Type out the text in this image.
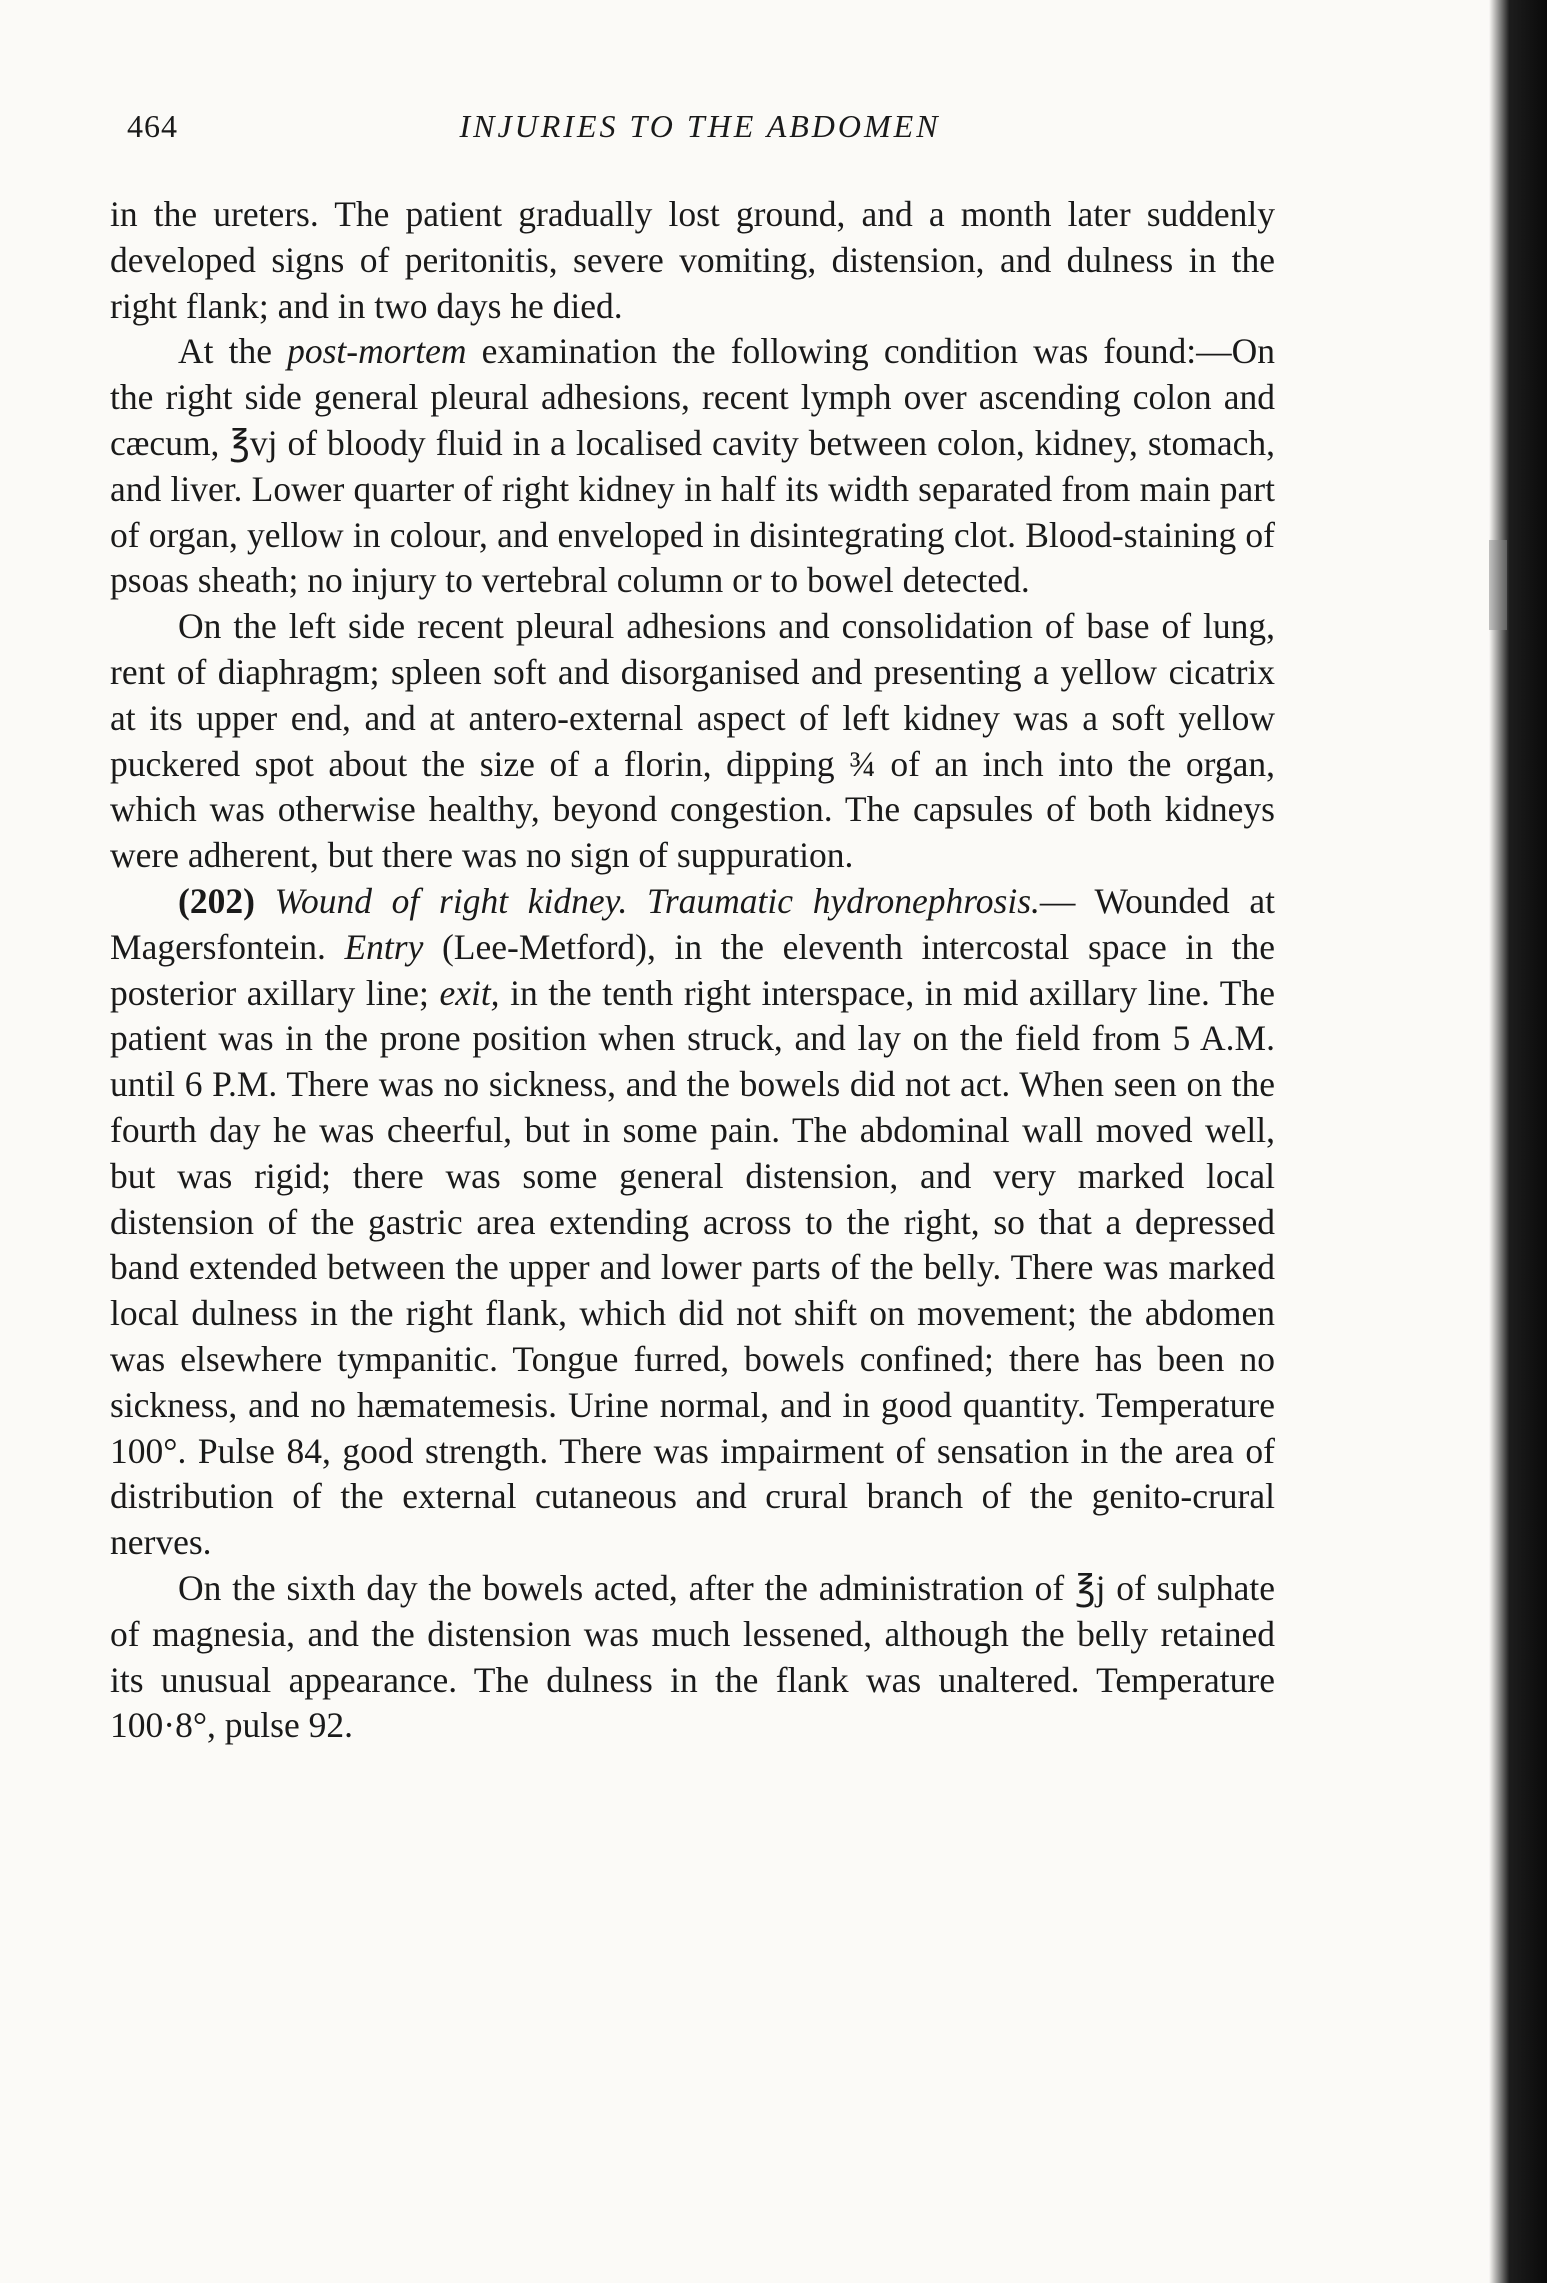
464	INJURIES TO THE ABDOMEN

in the ureters. The patient gradually lost ground, and a month later suddenly developed signs of peritonitis, severe vomiting, distension, and dulness in the right flank; and in two days he died.

At the post-mortem examination the following condition was found:—On the right side general pleural adhesions, recent lymph over ascending colon and cæcum, ℥vj of bloody fluid in a localised cavity between colon, kidney, stomach, and liver. Lower quarter of right kidney in half its width separated from main part of organ, yellow in colour, and enveloped in disintegrating clot. Blood-staining of psoas sheath; no injury to vertebral column or to bowel detected.

On the left side recent pleural adhesions and consolidation of base of lung, rent of diaphragm; spleen soft and disorganised and presenting a yellow cicatrix at its upper end, and at antero-external aspect of left kidney was a soft yellow puckered spot about the size of a florin, dipping ¾ of an inch into the organ, which was otherwise healthy, beyond congestion. The capsules of both kidneys were adherent, but there was no sign of suppuration.

(202) Wound of right kidney. Traumatic hydronephrosis.— Wounded at Magersfontein. Entry (Lee-Metford), in the eleventh intercostal space in the posterior axillary line; exit, in the tenth right interspace, in mid axillary line. The patient was in the prone position when struck, and lay on the field from 5 A.M. until 6 P.M. There was no sickness, and the bowels did not act. When seen on the fourth day he was cheerful, but in some pain. The abdominal wall moved well, but was rigid; there was some general distension, and very marked local distension of the gastric area extending across to the right, so that a depressed band extended between the upper and lower parts of the belly. There was marked local dulness in the right flank, which did not shift on movement; the abdomen was elsewhere tympanitic. Tongue furred, bowels confined; there has been no sickness, and no hæmatemesis. Urine normal, and in good quantity. Temperature 100°. Pulse 84, good strength. There was impairment of sensation in the area of distribution of the external cutaneous and crural branch of the genito-crural nerves.

On the sixth day the bowels acted, after the administration of ℥j of sulphate of magnesia, and the distension was much lessened, although the belly retained its unusual appearance. The dulness in the flank was unaltered. Temperature 100·8°, pulse 92.
